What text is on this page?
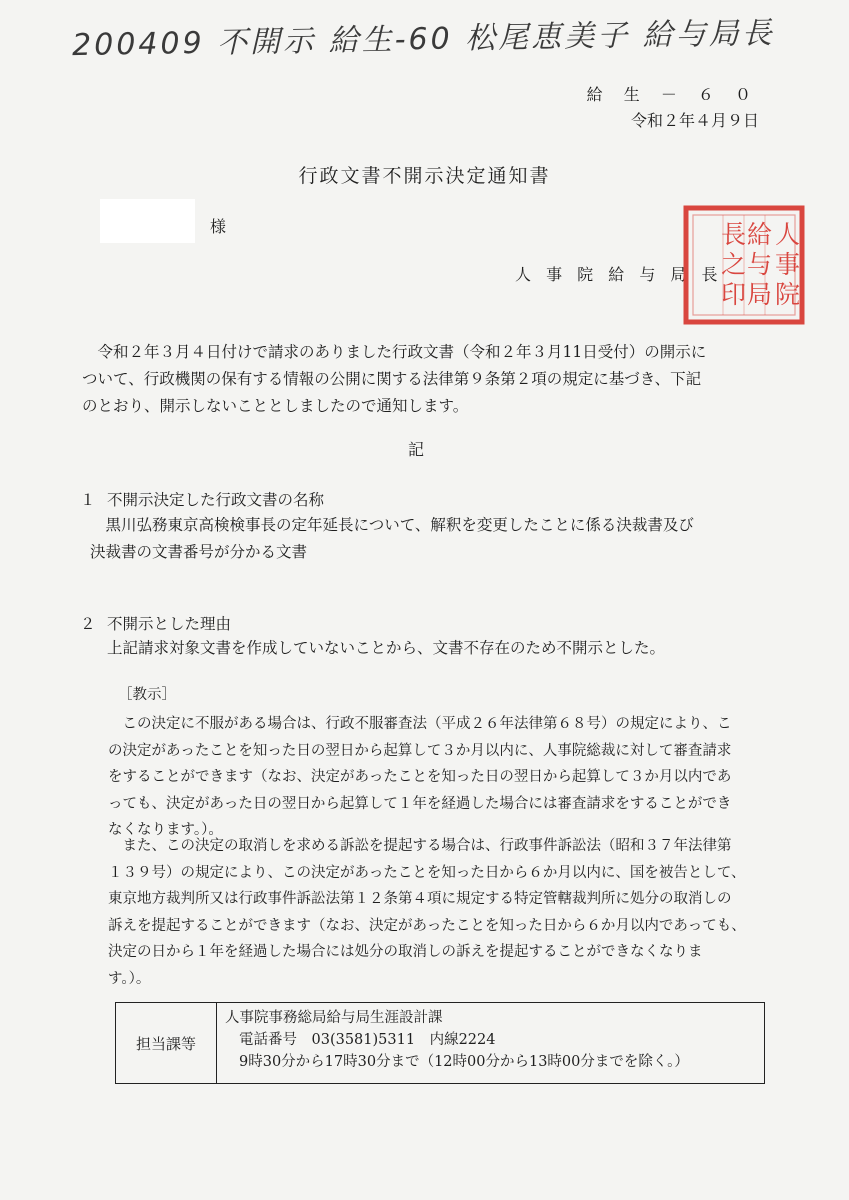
200409 不開示 給生-60 松尾恵美子 給与局長
給 生 － ６ ０
令和２年４月９日
行政文書不開示決定通知書
様
人 事 院 給 与 局 長
人
事
院
給
与
局
長
之
印
　令和２年３月４日付けで請求のありました行政文書（令和２年３月11日受付）の開示に
ついて、行政機関の保有する情報の公開に関する法律第９条第２項の規定に基づき、下記
のとおり、開示しないこととしましたので通知します。
記
１ 不開示決定した行政文書の名称
　黒川弘務東京高検検事長の定年延長について、解釈を変更したことに係る決裁書及び
決裁書の文書番号が分かる文書
２ 不開示とした理由
上記請求対象文書を作成していないことから、文書不存在のため不開示とした。
［教示］
　この決定に不服がある場合は、行政不服審査法（平成２６年法律第６８号）の規定により、こ
の決定があったことを知った日の翌日から起算して３か月以内に、人事院総裁に対して審査請求
をすることができます（なお、決定があったことを知った日の翌日から起算して３か月以内であ
っても、決定があった日の翌日から起算して１年を経過した場合には審査請求をすることができ
なくなります。）。
　また、この決定の取消しを求める訴訟を提起する場合は、行政事件訴訟法（昭和３７年法律第
１３９号）の規定により、この決定があったことを知った日から６か月以内に、国を被告として、
東京地方裁判所又は行政事件訴訟法第１２条第４項に規定する特定管轄裁判所に処分の取消しの
訴えを提起することができます（なお、決定があったことを知った日から６か月以内であっても、
決定の日から１年を経過した場合には処分の取消しの訴えを提起することができなくなりま
す。）。
担当課等
人事院事務総局給与局生涯設計課
電話番号　03(3581)5311　内線2224
9時30分から17時30分まで（12時00分から13時00分までを除く。）
